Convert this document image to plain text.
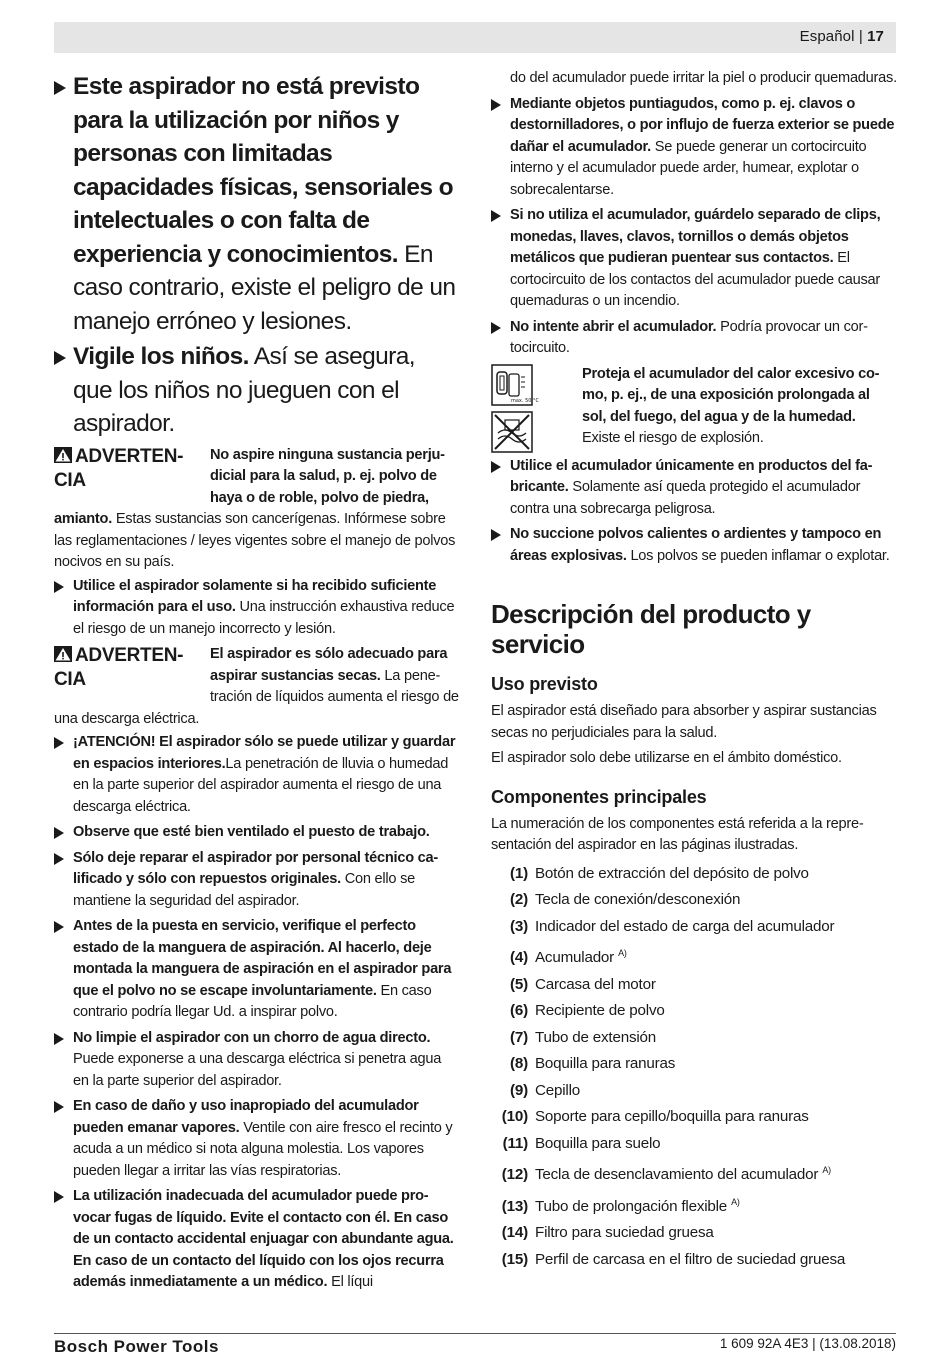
Español | 17
Este aspirador no está previsto para la utilización por niños y personas con limitadas capacidades físicas, sensoriales o intelectuales o con falta de experiencia y conocimientos. En caso contrario, existe el peligro de un manejo erróneo y lesiones.
Vigile los niños. Así se asegura, que los niños no jueguen con el aspirador.
ADVERTENCIA
No aspire ninguna sustancia perjudicial para la salud, p. ej. polvo de haya o de roble, polvo de piedra, amianto. Estas sustancias son cancerígenas. Infórmese sobre las reglamentaciones / leyes vigentes sobre el manejo de polvos nocivos en su país.
Utilice el aspirador solamente si ha recibido suficiente información para el uso. Una instrucción exhaustiva reduce el riesgo de un manejo incorrecto y lesión.
ADVERTENCIA
El aspirador es sólo adecuado para aspirar sustancias secas. La penetración de líquidos aumenta el riesgo de una descarga eléctrica.
¡ATENCIÓN! El aspirador sólo se puede utilizar y guardar en espacios interiores.La penetración de lluvia o humedad en la parte superior del aspirador aumenta el riesgo de una descarga eléctrica.
Observe que esté bien ventilado el puesto de trabajo.
Sólo deje reparar el aspirador por personal técnico calificado y sólo con repuestos originales. Con ello se mantiene la seguridad del aspirador.
Antes de la puesta en servicio, verifique el perfecto estado de la manguera de aspiración. Al hacerlo, deje montada la manguera de aspiración en el aspirador para que el polvo no se escape involuntariamente. En caso contrario podría llegar Ud. a inspirar polvo.
No limpie el aspirador con un chorro de agua directo. Puede exponerse a una descarga eléctrica si penetra agua en la parte superior del aspirador.
En caso de daño y uso inapropiado del acumulador pueden emanar vapores. Ventile con aire fresco el recinto y acuda a un médico si nota alguna molestia. Los vapores pueden llegar a irritar las vías respiratorias.
La utilización inadecuada del acumulador puede provocar fugas de líquido. Evite el contacto con él. En caso de un contacto accidental enjuagar con abundante agua. En caso de un contacto del líquido con los ojos recurra además inmediatamente a un médico. El líqui
do del acumulador puede irritar la piel o producir quemaduras.
Mediante objetos puntiagudos, como p. ej. clavos o destornilladores, o por influjo de fuerza exterior se puede dañar el acumulador. Se puede generar un cortocircuito interno y el acumulador puede arder, humear, explotar o sobrecalentarse.
Si no utiliza el acumulador, guárdelo separado de clips, monedas, llaves, clavos, tornillos o demás objetos metálicos que pudieran puentear sus contactos. El cortocircuito de los contactos del acumulador puede causar quemaduras o un incendio.
No intente abrir el acumulador. Podría provocar un cortocircuito.
max. 50 °C
Proteja el acumulador del calor excesivo como, p. ej., de una exposición prolongada al sol, del fuego, del agua y de la humedad.
Existe el riesgo de explosión.
Utilice el acumulador únicamente en productos del fabricante. Solamente así queda protegido el acumulador contra una sobrecarga peligrosa.
No succione polvos calientes o ardientes y tampoco en áreas explosivas. Los polvos se pueden inflamar o explotar.
Descripción del producto y servicio
Uso previsto
El aspirador está diseñado para absorber y aspirar sustancias secas no perjudiciales para la salud.
El aspirador solo debe utilizarse en el ámbito doméstico.
Componentes principales
La numeración de los componentes está referida a la representación del aspirador en las páginas ilustradas.
(1) Botón de extracción del depósito de polvo
(2) Tecla de conexión/desconexión
(3) Indicador del estado de carga del acumulador
(4) Acumulador $^{A)}$
(5) Carcasa del motor
(6) Recipiente de polvo
(7) Tubo de extensión
(8) Boquilla para ranuras
(9) Cepillo
(10) Soporte para cepillo/boquilla para ranuras
(11) Boquilla para suelo
(12) Tecla de desenclavamiento del acumulador $^{A)}$
(13) Tubo de prolongación flexible $^{A)}$
(14) Filtro para suciedad gruesa
(15) Perfil de carcasa en el filtro de suciedad gruesa
Bosch Power Tools	1 609 92A 4E3 | (13.08.2018)
